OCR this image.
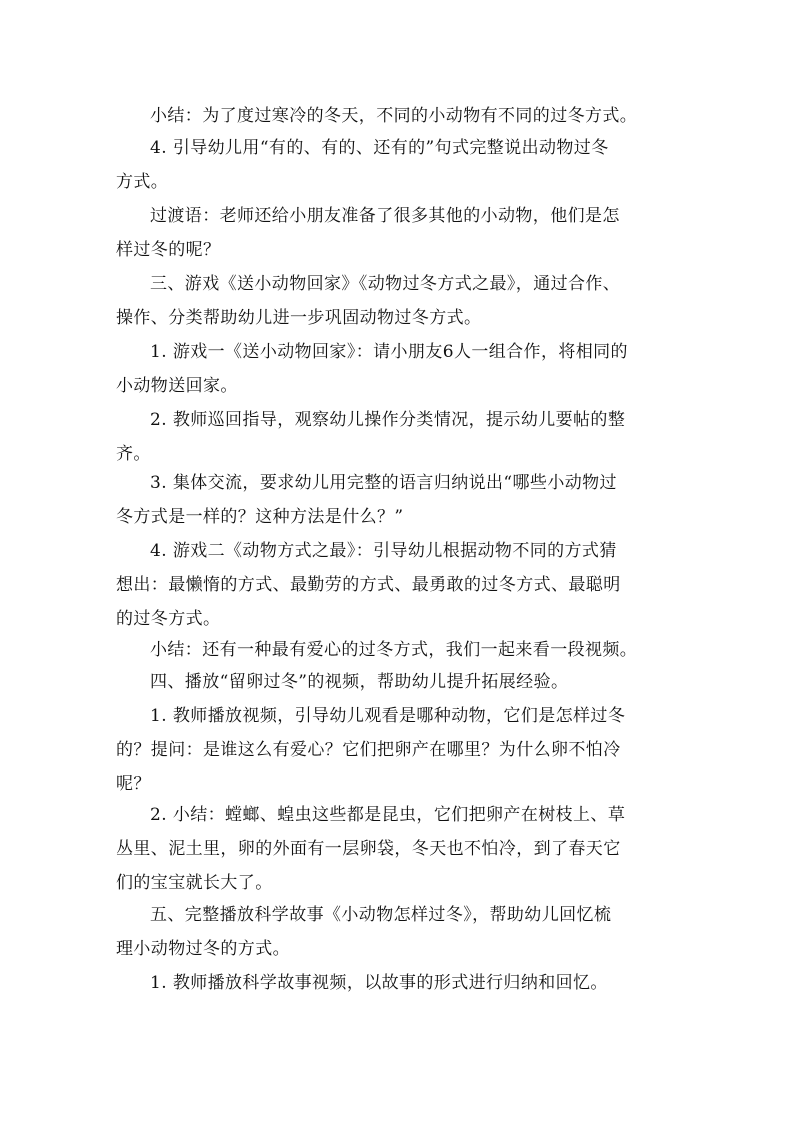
小结：为了度过寒冷的冬天，不同的小动物有不同的过冬方式。
4. 引导幼儿用“有的、有的、还有的”句式完整说出动物过冬
方式。
过渡语：老师还给小朋友准备了很多其他的小动物，他们是怎
样过冬的呢？
三、游戏《送小动物回家》《动物过冬方式之最》，通过合作、
操作、分类帮助幼儿进一步巩固动物过冬方式。
1. 游戏一《送小动物回家》：请小朋友6人一组合作，将相同的
小动物送回家。
2. 教师巡回指导，观察幼儿操作分类情况，提示幼儿要帖的整
齐。
3. 集体交流，要求幼儿用完整的语言归纳说出“哪些小动物过
冬方式是一样的？这种方法是什么？”
4. 游戏二《动物方式之最》：引导幼儿根据动物不同的方式猜
想出：最懒惰的方式、最勤劳的方式、最勇敢的过冬方式、最聪明
的过冬方式。
小结：还有一种最有爱心的过冬方式，我们一起来看一段视频。
四、播放“留卵过冬”的视频，帮助幼儿提升拓展经验。
1. 教师播放视频，引导幼儿观看是哪种动物，它们是怎样过冬
的？提问：是谁这么有爱心？它们把卵产在哪里？为什么卵不怕冷
呢？
2. 小结：螳螂、蝗虫这些都是昆虫，它们把卵产在树枝上、草
丛里、泥土里，卵的外面有一层卵袋，冬天也不怕冷，到了春天它
们的宝宝就长大了。
五、完整播放科学故事《小动物怎样过冬》，帮助幼儿回忆梳
理小动物过冬的方式。
1. 教师播放科学故事视频，以故事的形式进行归纳和回忆。
